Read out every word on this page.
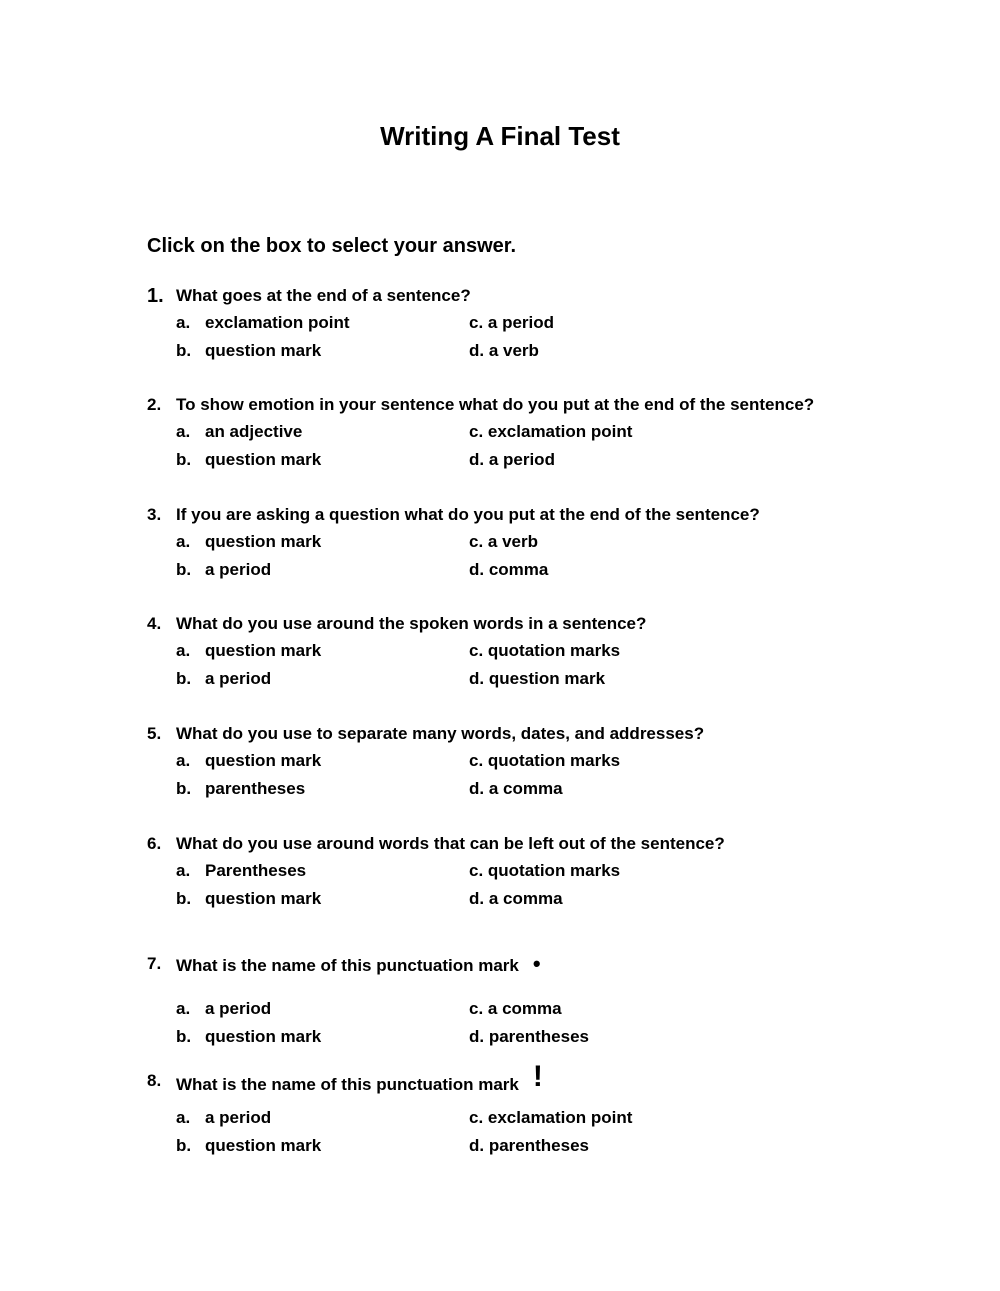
Writing A Final Test
Click on the box to select your answer.
1. What goes at the end of a sentence?
a. exclamation point	c. a period
b. question mark	d. a verb
2. To show emotion in your sentence what do you put at the end of the sentence?
a. an adjective	c. exclamation point
b. question mark	d. a period
3. If you are asking a question what do you put at the end of the sentence?
a. question mark	c. a verb
b. a period	d. comma
4. What do you use around the spoken words in a sentence?
a. question mark	c. quotation marks
b. a period	d. question mark
5. What do you use to separate many words, dates, and addresses?
a. question mark	c. quotation marks
b. parentheses	d. a comma
6. What do you use around words that can be left out of the sentence?
a. Parentheses	c. quotation marks
b. question mark	d. a comma
7. What is the name of this punctuation mark •
a. a period	c. a comma
b. question mark	d. parentheses
8. What is the name of this punctuation mark !
a. a period	c. exclamation point
b. question mark	d. parentheses
